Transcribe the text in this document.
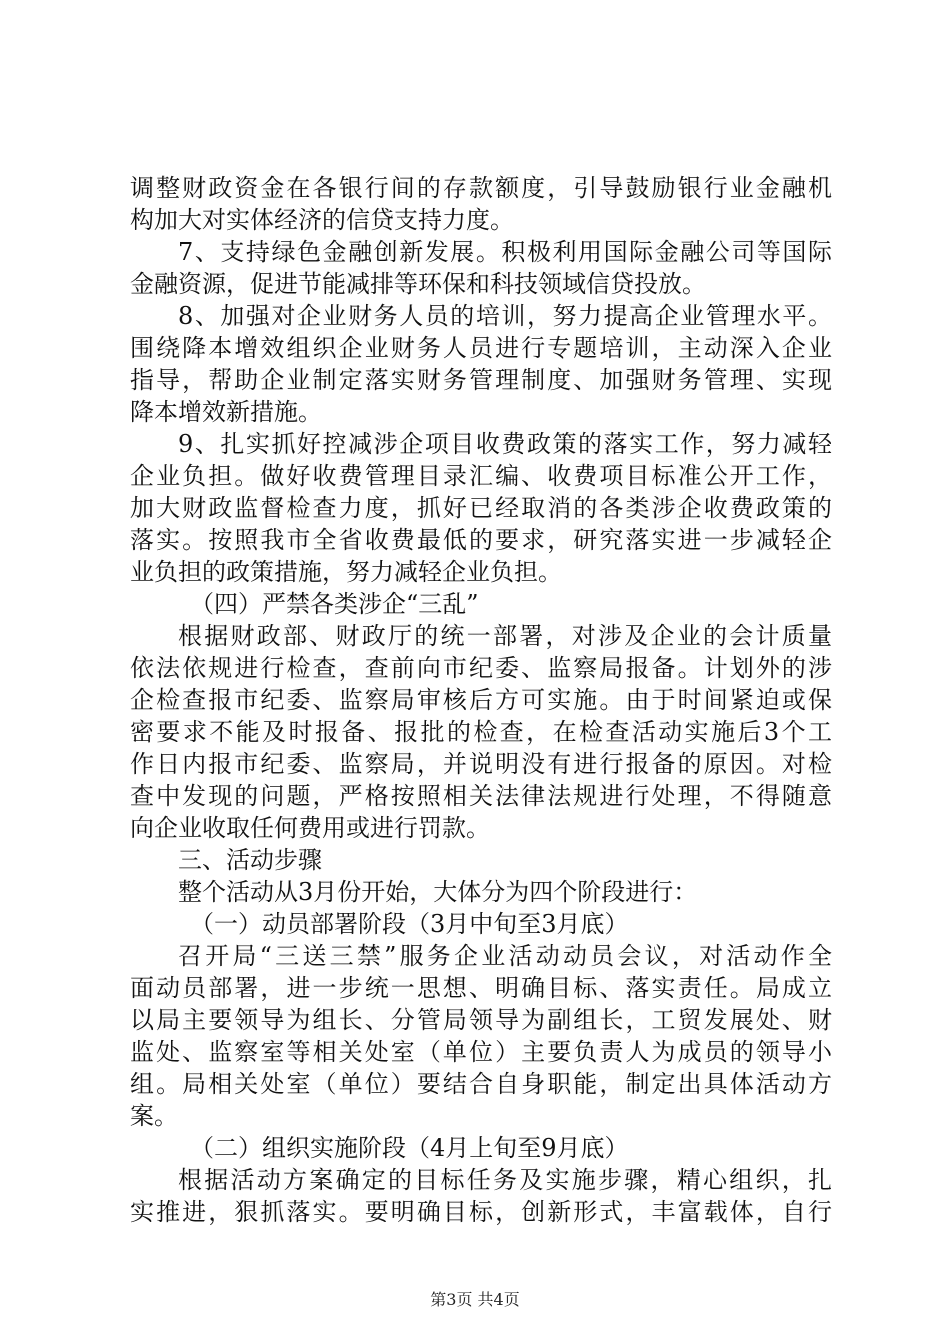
调整财政资金在各银行间的存款额度，引导鼓励银行业金融机
构加大对实体经济的信贷支持力度。
7、支持绿色金融创新发展。积极利用国际金融公司等国际
金融资源，促进节能减排等环保和科技领域信贷投放。
8、加强对企业财务人员的培训，努力提高企业管理水平。
围绕降本增效组织企业财务人员进行专题培训，主动深入企业
指导，帮助企业制定落实财务管理制度、加强财务管理、实现
降本增效新措施。
9、扎实抓好控减涉企项目收费政策的落实工作，努力减轻
企业负担。做好收费管理目录汇编、收费项目标准公开工作，
加大财政监督检查力度，抓好已经取消的各类涉企收费政策的
落实。按照我市全省收费最低的要求，研究落实进一步减轻企
业负担的政策措施，努力减轻企业负担。
（四）严禁各类涉企“三乱”
根据财政部、财政厅的统一部署，对涉及企业的会计质量
依法依规进行检查，查前向市纪委、监察局报备。计划外的涉
企检查报市纪委、监察局审核后方可实施。由于时间紧迫或保
密要求不能及时报备、报批的检查，在检查活动实施后3个工
作日内报市纪委、监察局，并说明没有进行报备的原因。对检
查中发现的问题，严格按照相关法律法规进行处理，不得随意
向企业收取任何费用或进行罚款。
三、活动步骤
整个活动从3月份开始，大体分为四个阶段进行：
（一）动员部署阶段（3月中旬至3月底）
召开局“三送三禁”服务企业活动动员会议，对活动作全
面动员部署，进一步统一思想、明确目标、落实责任。局成立
以局主要领导为组长、分管局领导为副组长，工贸发展处、财
监处、监察室等相关处室（单位）主要负责人为成员的领导小
组。局相关处室（单位）要结合自身职能，制定出具体活动方
案。
（二）组织实施阶段（4月上旬至9月底）
根据活动方案确定的目标任务及实施步骤，精心组织，扎
实推进，狠抓落实。要明确目标，创新形式，丰富载体，自行
第3页 共4页
